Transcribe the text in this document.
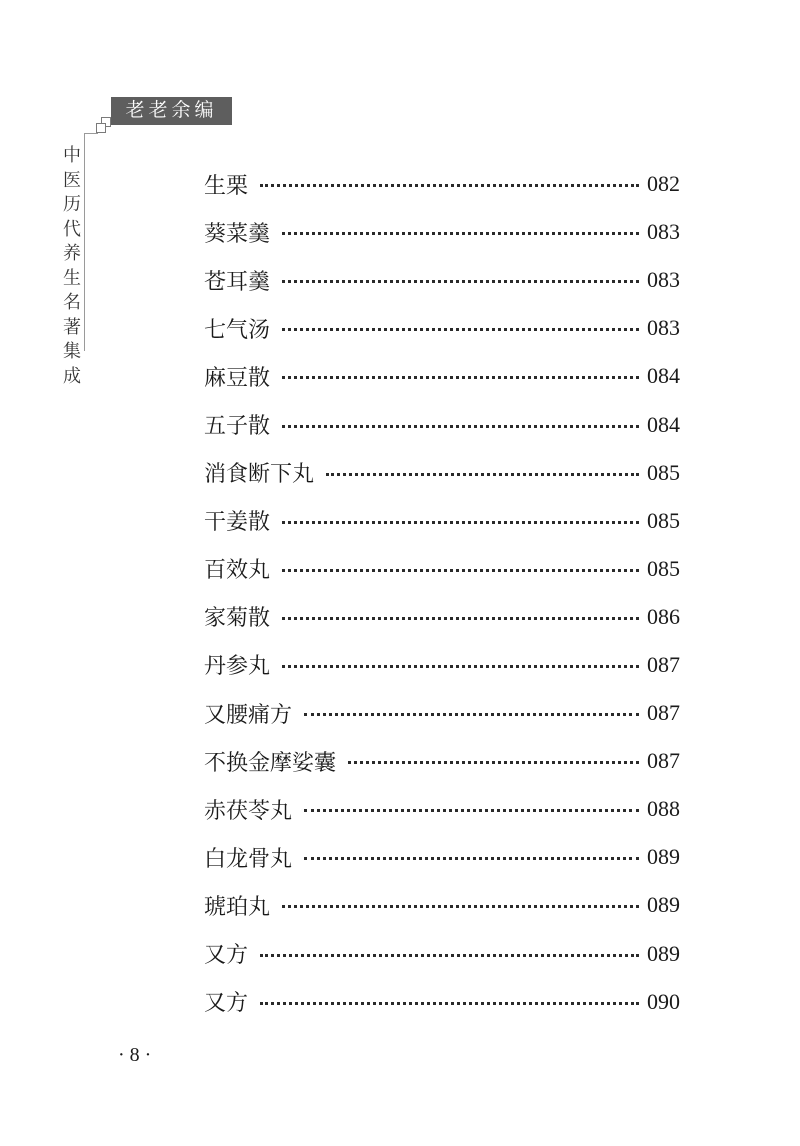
老老余编
中医历代养生名著集成
生栗	082
葵菜羹	083
苍耳羹	083
七气汤	083
麻豆散	084
五子散	084
消食断下丸	085
干姜散	085
百效丸	085
家菊散	086
丹参丸	087
又腰痛方	087
不换金摩娑囊	087
赤茯苓丸	088
白龙骨丸	089
琥珀丸	089
又方	089
又方	090
· 8 ·
